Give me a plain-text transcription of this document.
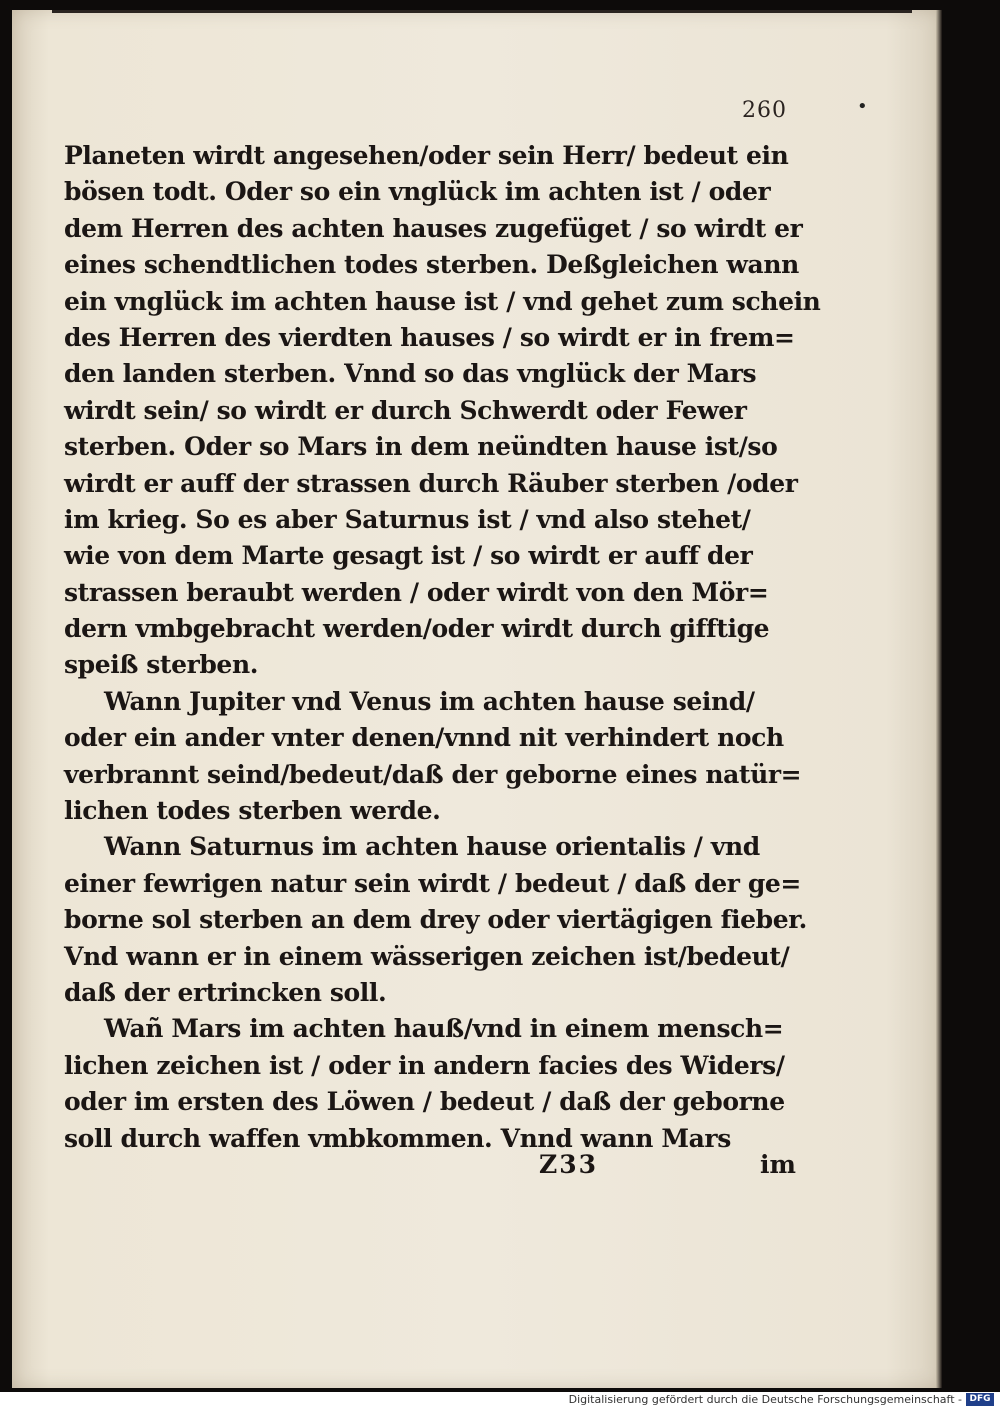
260	•
Planeten wirdt angesehen/oder sein Herr/ bedeut ein
bösen todt. Oder so ein vnglück im achten ist / oder
dem Herren des achten hauses zugefüget / so wirdt er
eines schendtlichen todes sterben. Deßgleichen wann
ein vnglück im achten hause ist / vnd gehet zum schein
des Herren des vierdten hauses / so wirdt er in frem=
den landen sterben. Vnnd so das vnglück der Mars
wirdt sein/ so wirdt er durch Schwerdt oder Fewer
sterben. Oder so Mars in dem neündten hause ist/so
wirdt er auff der strassen durch Räuber sterben /oder
im krieg. So es aber Saturnus ist / vnd also stehet/
wie von dem Marte gesagt ist / so wirdt er auff der
strassen beraubt werden / oder wirdt von den Mör=
dern vmbgebracht werden/oder wirdt durch gifftige
speiß sterben.
Wann Jupiter vnd Venus im achten hause seind/
oder ein ander vnter denen/vnnd nit verhindert noch
verbrannt seind/bedeut/daß der geborne eines natür=
lichen todes sterben werde.
Wann Saturnus im achten hause orientalis / vnd
einer fewrigen natur sein wirdt / bedeut / daß der ge=
borne sol sterben an dem drey oder viertägigen fieber.
Vnd wann er in einem wässerigen zeichen ist/bedeut/
daß der ertrincken soll.
Wañ Mars im achten hauß/vnd in einem mensch=
lichen zeichen ist / oder in andern facies des Widers/
oder im ersten des Löwen / bedeut / daß der geborne
soll durch waffen vmbkommen. Vnnd wann Mars
Z33	im
Digitalisierung gefördert durch die Deutsche Forschungsgemeinschaft - DFG
